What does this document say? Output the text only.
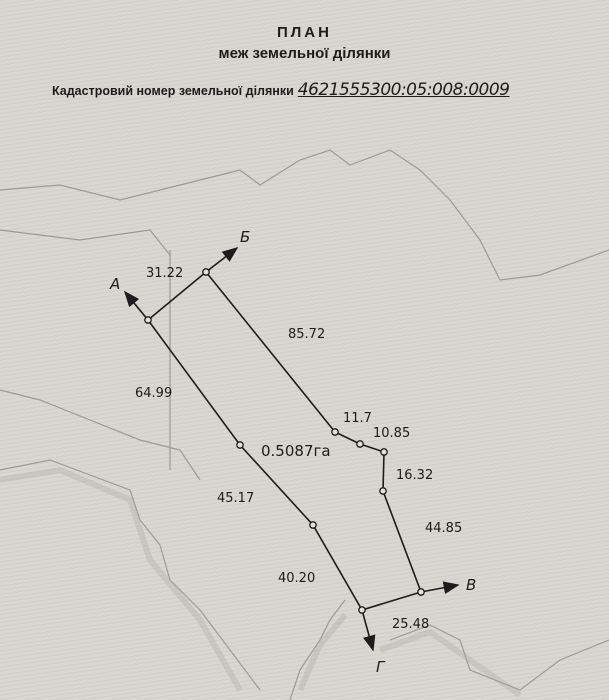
ПЛАН
меж земельної ділянки
Кадастровий номер земельної ділянки 4621555300:05:008:0009
А
Б
В
Г
31.22
85.72
11.7
10.85
16.32
44.85
25.48
40.20
45.17
64.99
0.5087га
